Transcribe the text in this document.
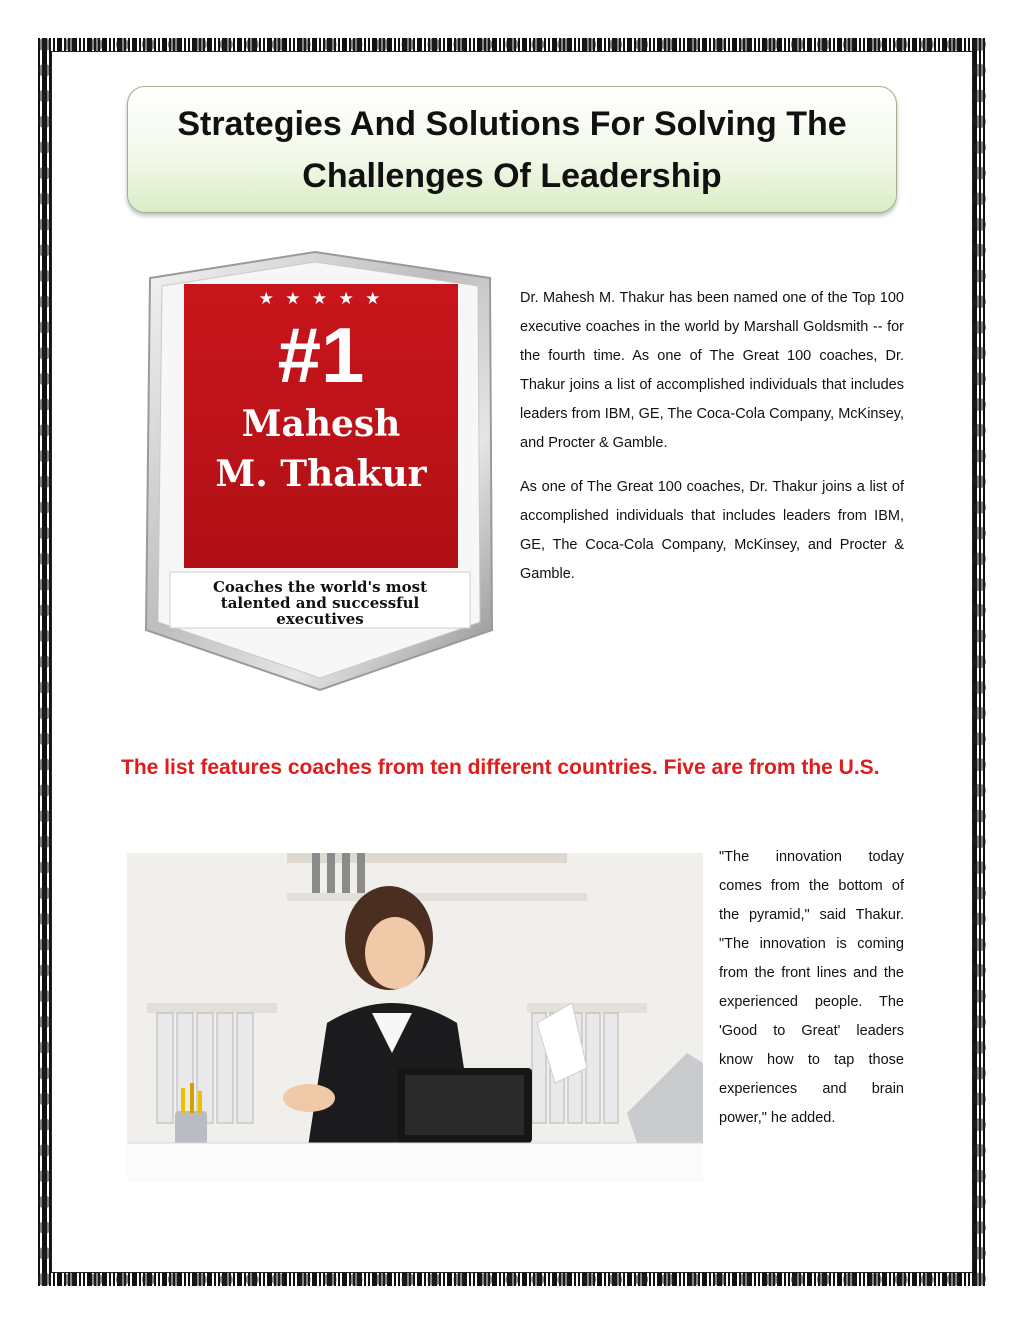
Strategies And Solutions For Solving The Challenges Of Leadership
★ ★ ★ ★ ★
#1
Mahesh
M. Thakur
Coaches the world's most
talented and successful
executives

Dr. Mahesh M. Thakur has been named one of the Top 100 executive coaches in the world by Marshall Goldsmith -- for the fourth time. As one of The Great 100 coaches, Dr. Thakur joins a list of accomplished individuals that includes leaders from IBM, GE, The Coca-Cola Company, McKinsey, and Procter & Gamble.

As one of The Great 100 coaches, Dr. Thakur joins a list of accomplished individuals that includes leaders from IBM, GE, The Coca-Cola Company, McKinsey, and Procter & Gamble.

The list features coaches from ten different countries. Five are from the U.S.

"The innovation today comes from the bottom of the pyramid," said Thakur. "The innovation is coming from the front lines and the experienced people. The 'Good to Great' leaders know how to tap those experiences and brain power," he added.
